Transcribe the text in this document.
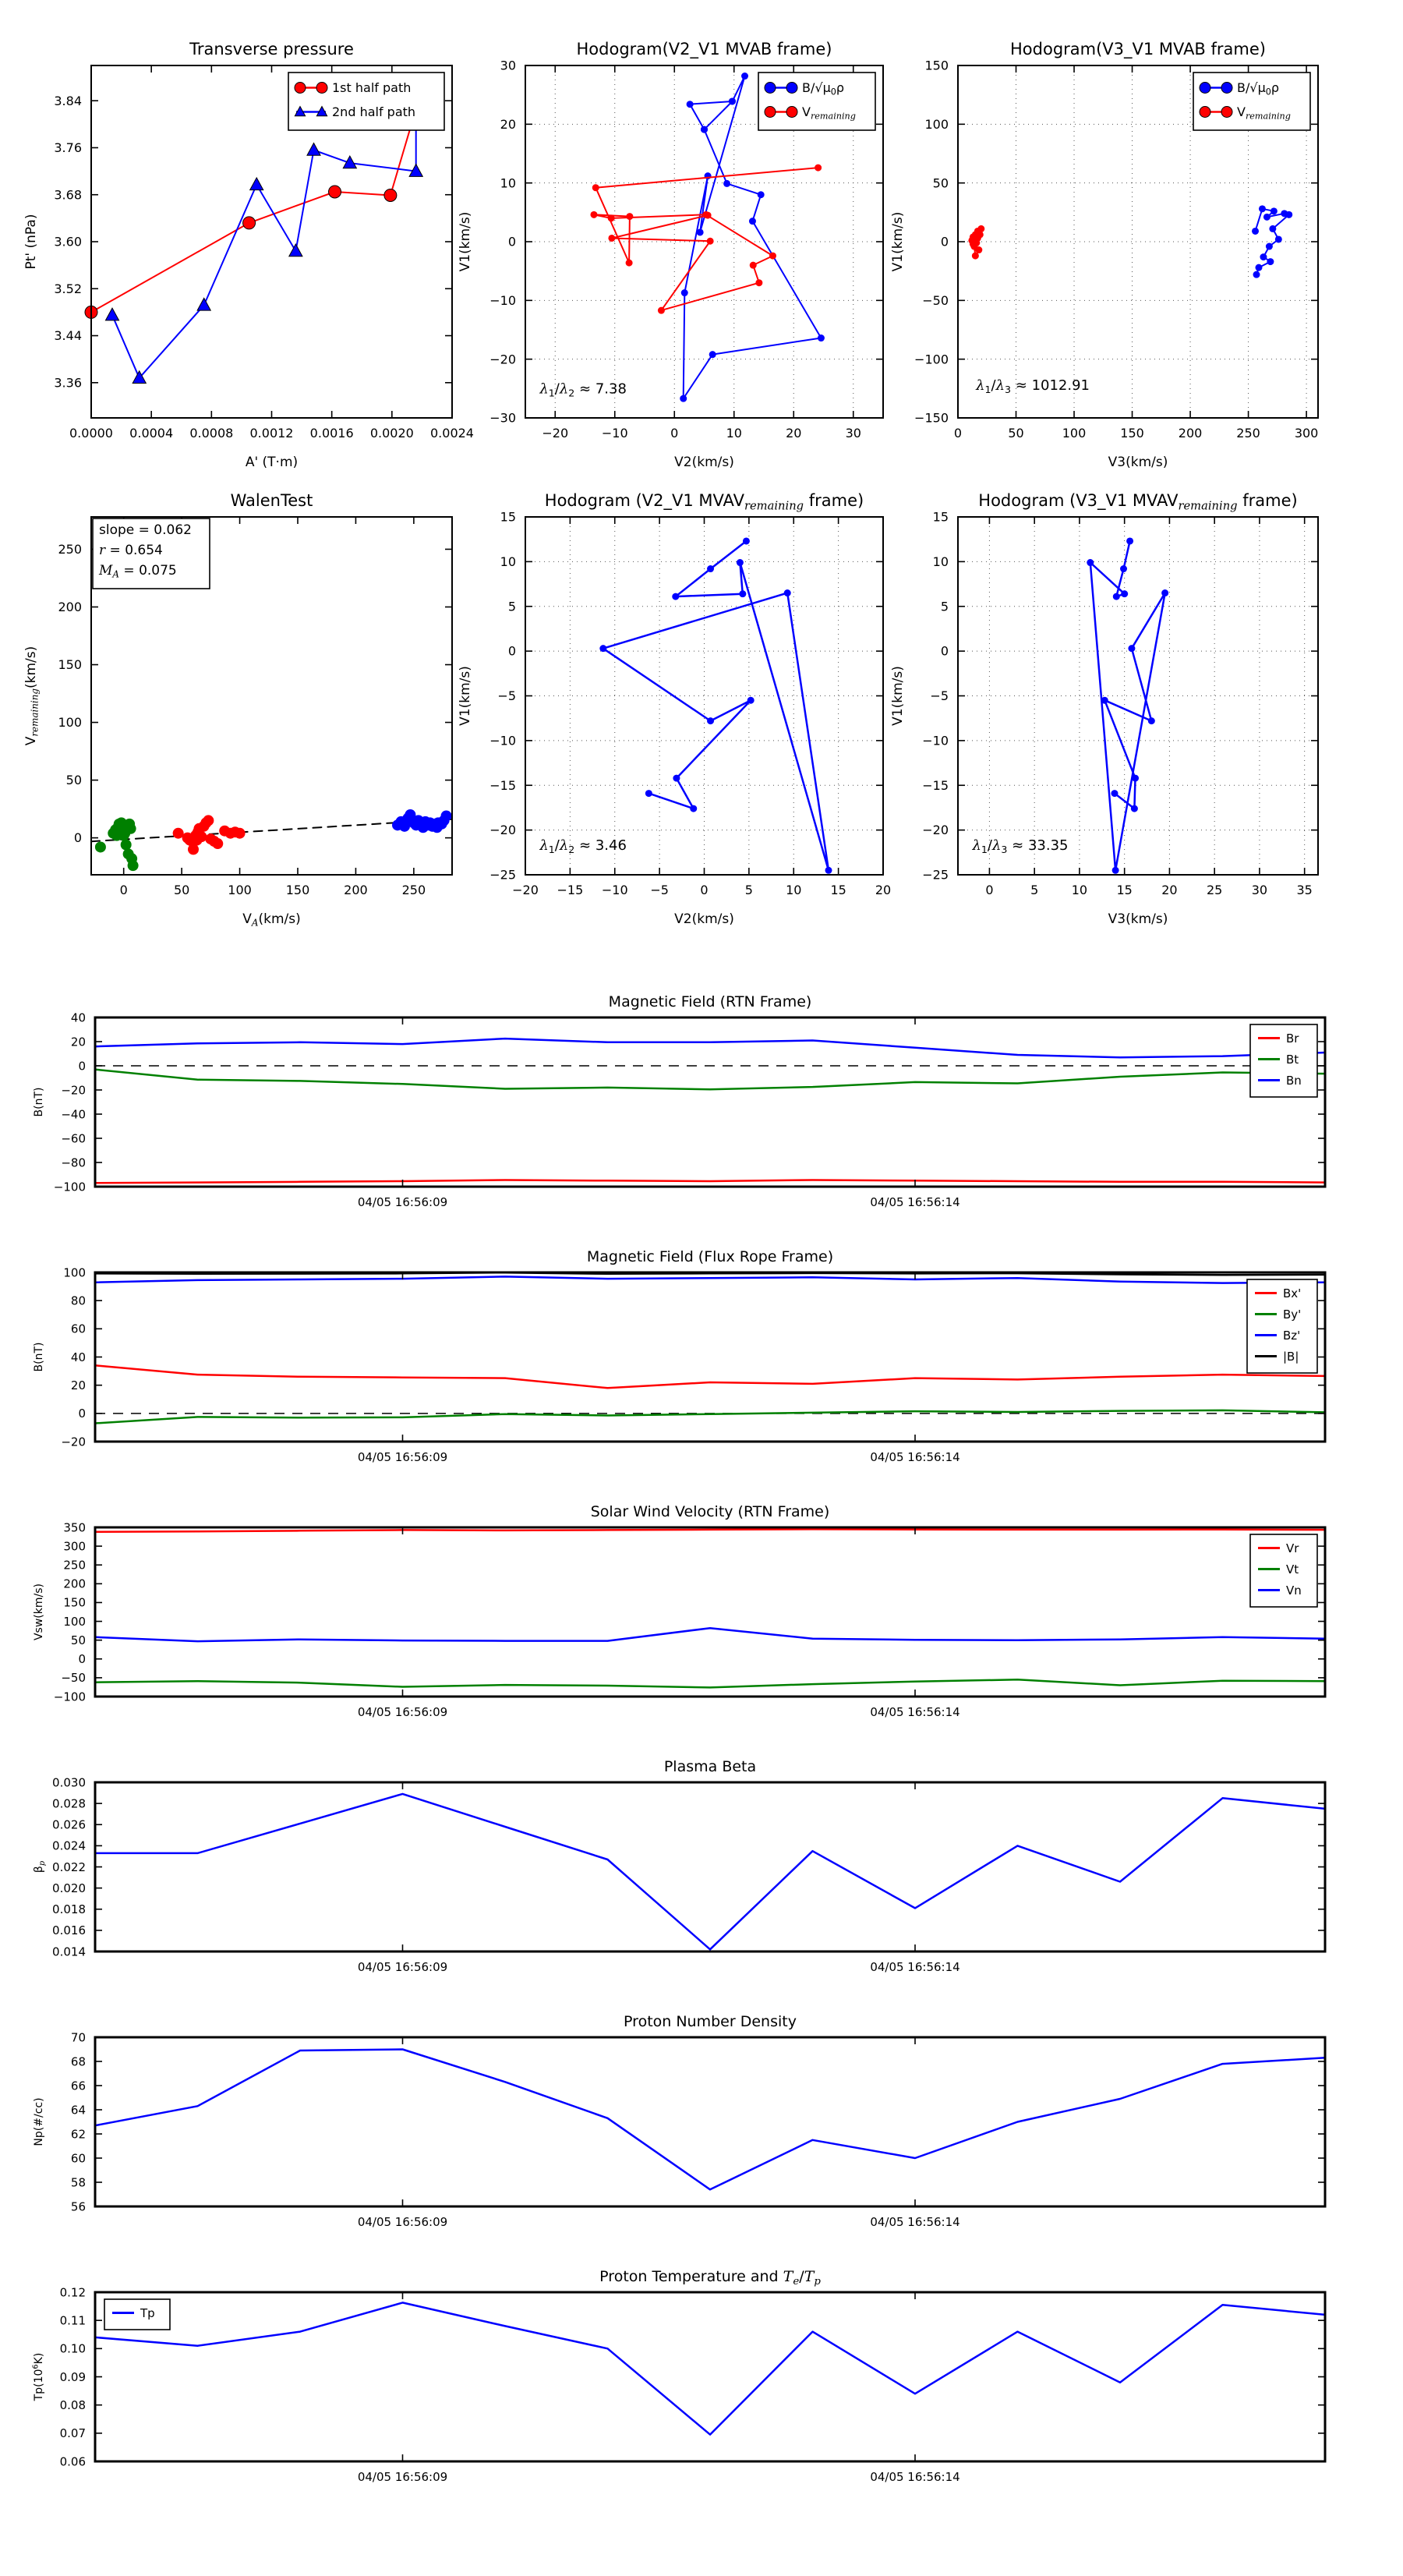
0.0000 0.0004 0.0008 0.0012 0.0016 0.0020 0.0024
3.36
3.44
3.52
3.60
3.68
3.76
3.84
Transverse pressure
A' (T·m)
Pt' (nPa)
1st half path
2nd half path
−20	−10	0	10	20	30
−30
−20
−10
0
10
20
30
Hodogram(V2_V1 MVAB frame)
V2(km/s)
V1(km/s)
$\lambda_1/\lambda_2 \approx 7.38$
$B/√\mu_0\rho$
$V_{remaining}$
0	50	100	150	200	250	300
−150
−100
−50
0
50
100
150
Hodogram(V3_V1 MVAB frame)
V3(km/s)
V1(km/s)
$\lambda_1/\lambda_3 \approx 1012.91$
$B/√\mu_0\rho$
$V_{remaining}$
0	50	100	150	200	250
0
50
100
150
200
250
WalenTest
$V_A(km/s)$
$V_{remaining}(km/s)$
slope = 0.062
r = 0.654
$M_A = 0.075$
−20 −15 −10 −5	0	5	10 15 20
−25
−20
−15
−10
−5
0
5
10
15
Hodogram (V2_V1 $MVAV_{remaining}$ frame)
V2(km/s)
V1(km/s)
$\lambda_1/\lambda_2 \approx 3.46$
0	5	10 15 20 25 30 35
−25
−20
−15
−10
−5
0
5
10
15
Hodogram (V3_V1 $MVAV_{remaining}$ frame)
V3(km/s)
V1(km/s)
$\lambda_1/\lambda_3 \approx 33.35$
04/05 16:56:09	04/05 16:56:14
−100
−80
−60
−40
−20
0
20
40
Magnetic Field (RTN Frame)
B(nT)
Br
Bt
Bn
04/05 16:56:09	04/05 16:56:14
−20
0
20
40
60
80
100
Magnetic Field (Flux Rope Frame)
B(nT)
Bx'
By'
Bz'
|B|
04/05 16:56:09	04/05 16:56:14
−100
−50
0
50
100
150
200
250
300
350
Solar Wind Velocity (RTN Frame)
Vsw(km/s)
Vr
Vt
Vn
04/05 16:56:09	04/05 16:56:14
0.014
0.016
0.018
0.020
0.022
0.024
0.026
0.028
0.030
Plasma Beta
$\beta_p$
04/05 16:56:09	04/05 16:56:14
56
58
60
62
64
66
68
70
Proton Number Density
Np(#/cc)
04/05 16:56:09	04/05 16:56:14
0.06
0.07
0.08
0.09
0.10
0.11
0.12
Proton Temperature and $T_e/T_p$
$Tp(10^6K)$
Tp
